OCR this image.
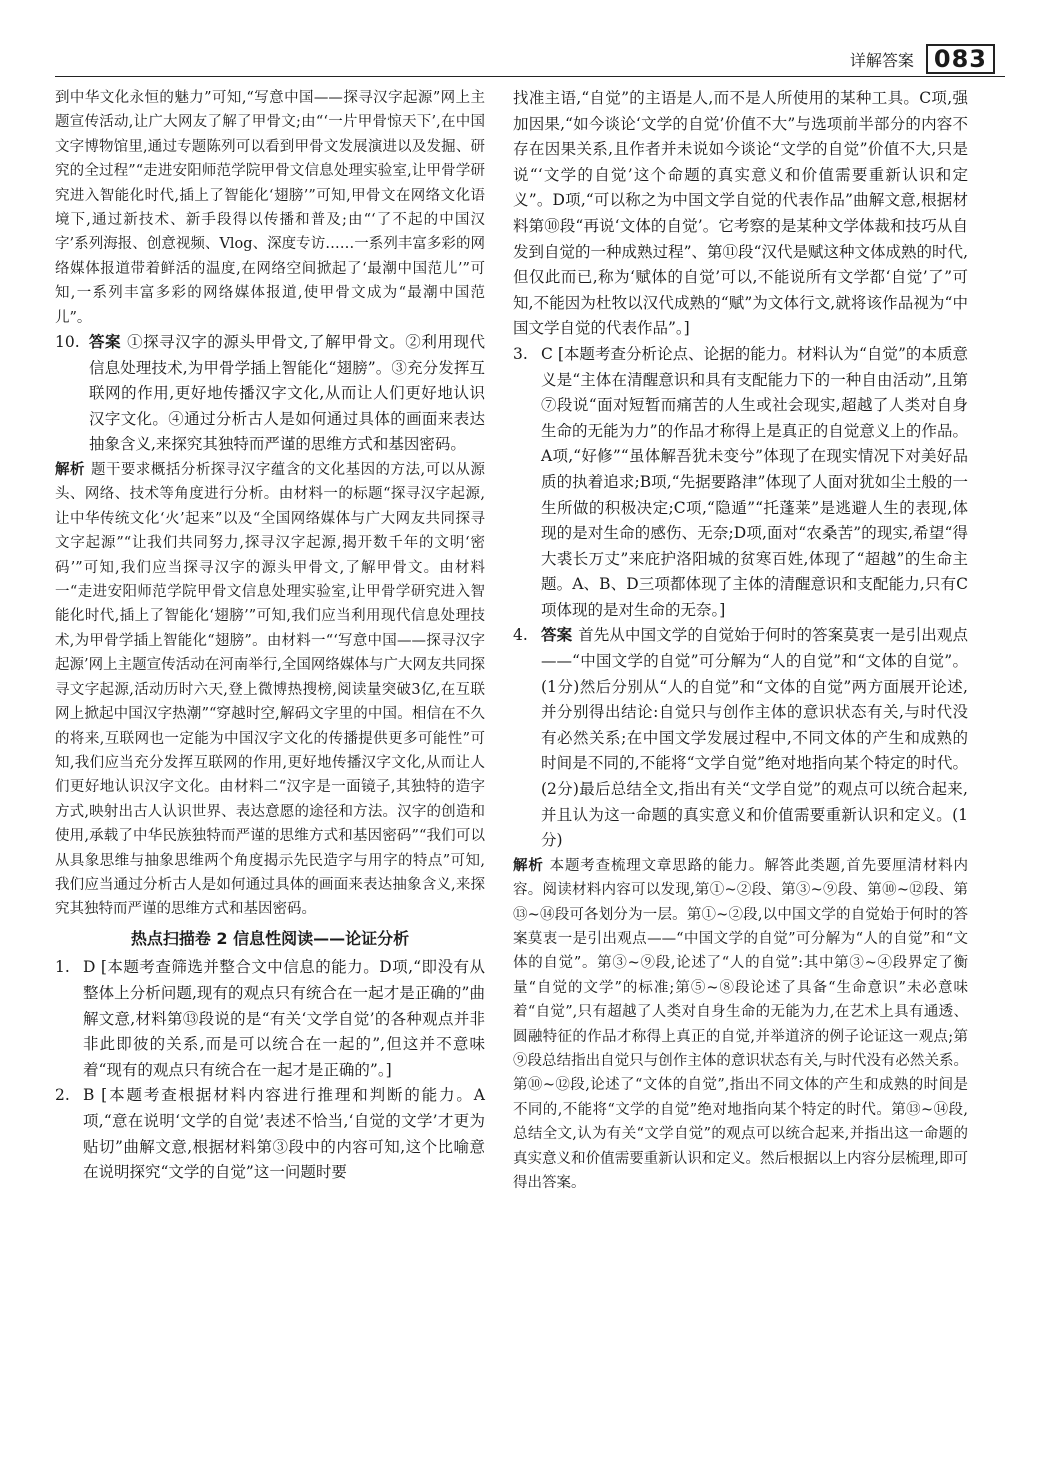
详解答案 083

到中华文化永恒的魅力”可知,“写意中国——探寻汉字起源”网上主题宣传活动,让广大网友了解了甲骨文;由“‘一片甲骨惊天下’,在中国文字博物馆里,通过专题陈列可以看到甲骨文发展演进以及发掘、研究的全过程”“走进安阳师范学院甲骨文信息处理实验室,让甲骨学研究进入智能化时代,插上了智能化‘翅膀’”可知,甲骨文在网络文化语境下,通过新技术、新手段得以传播和普及;由“‘了不起的中国汉字’系列海报、创意视频、Vlog、深度专访……一系列丰富多彩的网络媒体报道带着鲜活的温度,在网络空间掀起了‘最潮中国范儿’”可知,一系列丰富多彩的网络媒体报道,使甲骨文成为“最潮中国范儿”。

10. 答案 ①探寻汉字的源头甲骨文,了解甲骨文。②利用现代信息处理技术,为甲骨学插上智能化“翅膀”。③充分发挥互联网的作用,更好地传播汉字文化,从而让人们更好地认识汉字文化。④通过分析古人是如何通过具体的画面来表达抽象含义,来探究其独特而严谨的思维方式和基因密码。

解析 题干要求概括分析探寻汉字蕴含的文化基因的方法,可以从源头、网络、技术等角度进行分析。由材料一的标题“探寻汉字起源,让中华传统文化‘火’起来”以及“全国网络媒体与广大网友共同探寻文字起源”“让我们共同努力,探寻汉字起源,揭开数千年的文明‘密码’”可知,我们应当探寻汉字的源头甲骨文,了解甲骨文。由材料一“走进安阳师范学院甲骨文信息处理实验室,让甲骨学研究进入智能化时代,插上了智能化‘翅膀’”可知,我们应当利用现代信息处理技术,为甲骨学插上智能化“翅膀”。由材料一“‘写意中国——探寻汉字起源’网上主题宣传活动在河南举行,全国网络媒体与广大网友共同探寻文字起源,活动历时六天,登上微博热搜榜,阅读量突破3亿,在互联网上掀起中国汉字热潮”“穿越时空,解码文字里的中国。相信在不久的将来,互联网也一定能为中国汉字文化的传播提供更多可能性”可知,我们应当充分发挥互联网的作用,更好地传播汉字文化,从而让人们更好地认识汉字文化。由材料二“汉字是一面镜子,其独特的造字方式,映射出古人认识世界、表达意愿的途径和方法。汉字的创造和使用,承载了中华民族独特而严谨的思维方式和基因密码”“我们可以从具象思维与抽象思维两个角度揭示先民造字与用字的特点”可知,我们应当通过分析古人是如何通过具体的画面来表达抽象含义,来探究其独特而严谨的思维方式和基因密码。

热点扫描卷 2 信息性阅读——论证分析
1. D [本题考查筛选并整合文中信息的能力。D项,“即没有从整体上分析问题,现有的观点只有统合在一起才是正确的”曲解文意,材料第⑬段说的是“有关‘文学自觉’的各种观点并非非此即彼的关系,而是可以统合在一起的”,但这并不意味着“现有的观点只有统合在一起才是正确的”。]
2. B [本题考查根据材料内容进行推理和判断的能力。A项,“意在说明‘文学的自觉’表述不恰当,‘自觉的文学’才更为贴切”曲解文意,根据材料第③段中的内容可知,这个比喻意在说明探究“文学的自觉”这一问题时要

找准主语,“自觉”的主语是人,而不是人所使用的某种工具。C项,强加因果,“如今谈论‘文学的自觉’价值不大”与选项前半部分的内容不存在因果关系,且作者并未说如今谈论“文学的自觉”价值不大,只是说“‘文学的自觉’这个命题的真实意义和价值需要重新认识和定义”。D项,“可以称之为中国文学自觉的代表作品”曲解文意,根据材料第⑩段“再说‘文体的自觉’。它考察的是某种文学体裁和技巧从自发到自觉的一种成熟过程”、第⑪段“汉代是赋这种文体成熟的时代,但仅此而已,称为‘赋体的自觉’可以,不能说所有文学都‘自觉’了”可知,不能因为杜牧以汉代成熟的“赋”为文体行文,就将该作品视为“中国文学自觉的代表作品”。]

3. C [本题考查分析论点、论据的能力。材料认为“自觉”的本质意义是“主体在清醒意识和具有支配能力下的一种自由活动”,且第⑦段说“面对短暂而痛苦的人生或社会现实,超越了人类对自身生命的无能为力”的作品才称得上是真正的自觉意义上的作品。A项,“好修”“虽体解吾犹未变兮”体现了在现实情况下对美好品质的执着追求;B项,“先据要路津”体现了人面对犹如尘土般的一生所做的积极决定;C项,“隐遁”“托蓬莱”是逃避人生的表现,体现的是对生命的感伤、无奈;D项,面对“农桑苦”的现实,希望“得大裘长万丈”来庇护洛阳城的贫寒百姓,体现了“超越”的生命主题。A、B、D三项都体现了主体的清醒意识和支配能力,只有C项体现的是对生命的无奈。]
4. 答案 首先从中国文学的自觉始于何时的答案莫衷一是引出观点——“中国文学的自觉”可分解为“人的自觉”和“文体的自觉”。(1分)然后分别从“人的自觉”和“文体的自觉”两方面展开论述,并分别得出结论:自觉只与创作主体的意识状态有关,与时代没有必然关系;在中国文学发展过程中,不同文体的产生和成熟的时间是不同的,不能将“文学自觉”绝对地指向某个特定的时代。(2分)最后总结全文,指出有关“文学自觉”的观点可以统合起来,并且认为这一命题的真实意义和价值需要重新认识和定义。(1分)

解析 本题考查梳理文章思路的能力。解答此类题,首先要厘清材料内容。阅读材料内容可以发现,第①~②段、第③~⑨段、第⑩~⑫段、第⑬~⑭段可各划分为一层。第①~②段,以中国文学的自觉始于何时的答案莫衷一是引出观点——“中国文学的自觉”可分解为“人的自觉”和“文体的自觉”。第③~⑨段,论述了“人的自觉”:其中第③~④段界定了衡量“自觉的文学”的标准;第⑤~⑧段论述了具备“生命意识”未必意味着“自觉”,只有超越了人类对自身生命的无能为力,在艺术上具有通透、圆融特征的作品才称得上真正的自觉,并举道济的例子论证这一观点;第⑨段总结指出自觉只与创作主体的意识状态有关,与时代没有必然关系。第⑩~⑫段,论述了“文体的自觉”,指出不同文体的产生和成熟的时间是不同的,不能将“文学的自觉”绝对地指向某个特定的时代。第⑬~⑭段,总结全文,认为有关“文学自觉”的观点可以统合起来,并指出这一命题的真实意义和价值需要重新认识和定义。然后根据以上内容分层梳理,即可得出答案。
